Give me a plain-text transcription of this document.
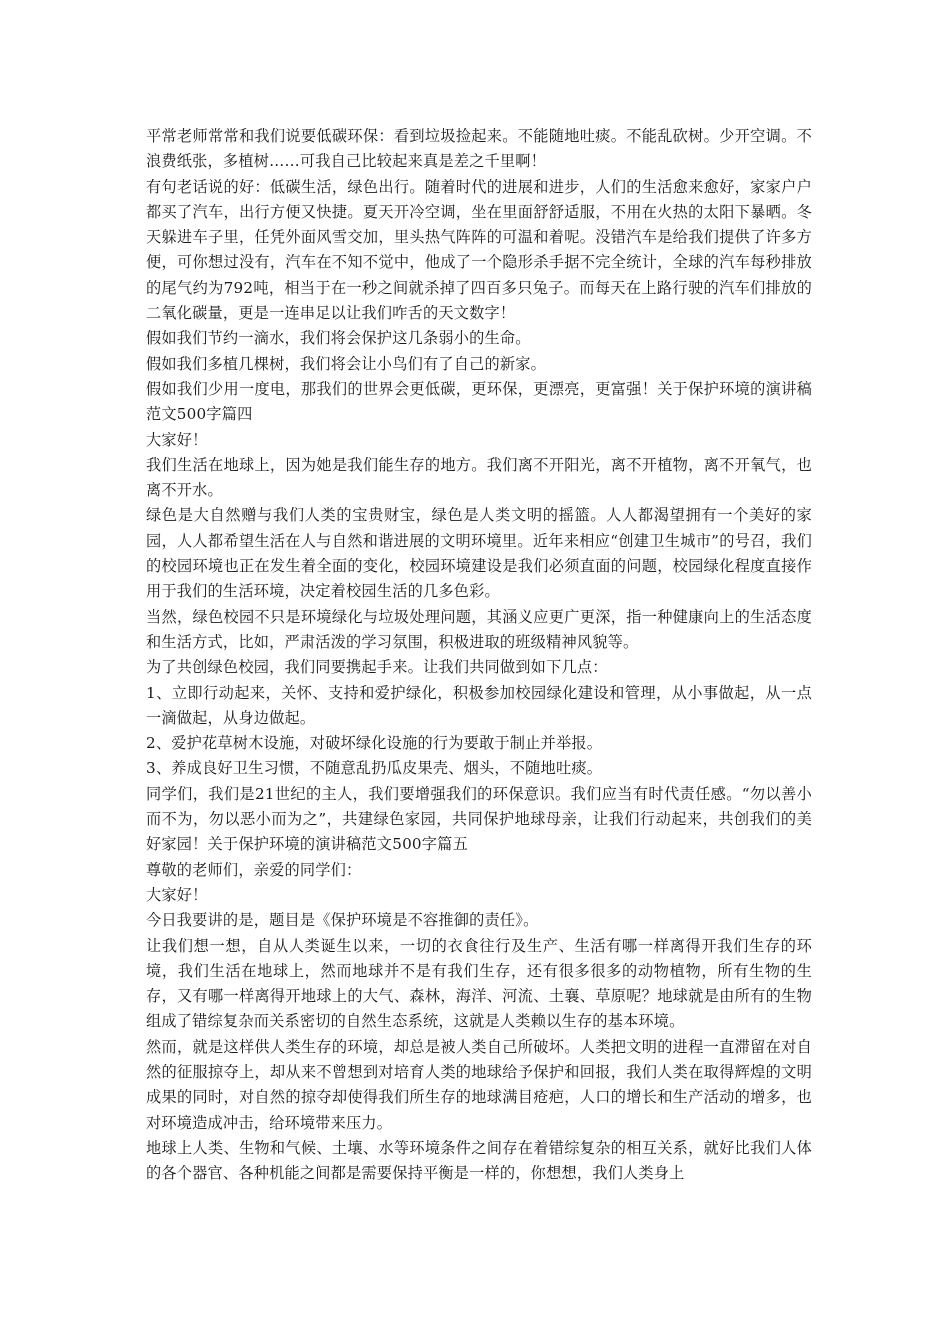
平常老师常常和我们说要低碳环保：看到垃圾捡起来。不能随地吐痰。不能乱砍树。少开空调。不浪费纸张，多植树……可我自己比较起来真是差之千里啊！

有句老话说的好：低碳生活，绿色出行。随着时代的进展和进步，人们的生活愈来愈好，家家户户都买了汽车，出行方便又快捷。夏天开冷空调，坐在里面舒舒适服，不用在火热的太阳下暴晒。冬天躲进车子里，任凭外面风雪交加，里头热气阵阵的可温和着呢。没错汽车是给我们提供了许多方便，可你想过没有，汽车在不知不觉中，他成了一个隐形杀手据不完全统计，全球的汽车每秒排放的尾气约为792吨，相当于在一秒之间就杀掉了四百多只兔子。而每天在上路行驶的汽车们排放的二氧化碳量，更是一连串足以让我们咋舌的天文数字！

假如我们节约一滴水，我们将会保护这几条弱小的生命。

假如我们多植几棵树，我们将会让小鸟们有了自己的新家。

假如我们少用一度电，那我们的世界会更低碳，更环保，更漂亮，更富强！关于保护环境的演讲稿范文500字篇四

大家好！

我们生活在地球上，因为她是我们能生存的地方。我们离不开阳光，离不开植物，离不开氧气，也离不开水。

绿色是大自然赠与我们人类的宝贵财宝，绿色是人类文明的摇篮。人人都渴望拥有一个美好的家园，人人都希望生活在人与自然和谐进展的文明环境里。近年来相应“创建卫生城市”的号召，我们的校园环境也正在发生着全面的变化，校园环境建设是我们必须直面的问题，校园绿化程度直接作用于我们的生活环境，决定着校园生活的几多色彩。

当然，绿色校园不只是环境绿化与垃圾处理问题，其涵义应更广更深，指一种健康向上的生活态度和生活方式，比如，严肃活泼的学习氛围，积极进取的班级精神风貌等。

为了共创绿色校园，我们同要携起手来。让我们共同做到如下几点：

1、立即行动起来，关怀、支持和爱护绿化，积极参加校园绿化建设和管理，从小事做起，从一点一滴做起，从身边做起。

2、爱护花草树木设施，对破坏绿化设施的行为要敢于制止并举报。

3、养成良好卫生习惯，不随意乱扔瓜皮果壳、烟头，不随地吐痰。

同学们，我们是21世纪的主人，我们要增强我们的环保意识。我们应当有时代责任感。“勿以善小而不为，勿以恶小而为之”，共建绿色家园，共同保护地球母亲，让我们行动起来，共创我们的美好家园！关于保护环境的演讲稿范文500字篇五

尊敬的老师们，亲爱的同学们：

大家好！

今日我要讲的是，题目是《保护环境是不容推御的责任》。

让我们想一想，自从人类诞生以来，一切的衣食往行及生产、生活有哪一样离得开我们生存的环境，我们生活在地球上，然而地球并不是有我们生存，还有很多很多的动物植物，所有生物的生存，又有哪一样离得开地球上的大气、森林，海洋、河流、土襄、草原呢？地球就是由所有的生物组成了错综复杂而关系密切的自然生态系统，这就是人类赖以生存的基本环境。

然而，就是这样供人类生存的环境，却总是被人类自己所破坏。人类把文明的进程一直滞留在对自然的征服掠夺上，却从来不曾想到对培育人类的地球给予保护和回报，我们人类在取得辉煌的文明成果的同时，对自然的掠夺却使得我们所生存的地球满目疮疤，人口的增长和生产活动的增多，也对环境造成冲击，给环境带来压力。

地球上人类、生物和气候、土壤、水等环境条件之间存在着错综复杂的相互关系，就好比我们人体的各个器官、各种机能之间都是需要保持平衡是一样的，你想想，我们人类身上
